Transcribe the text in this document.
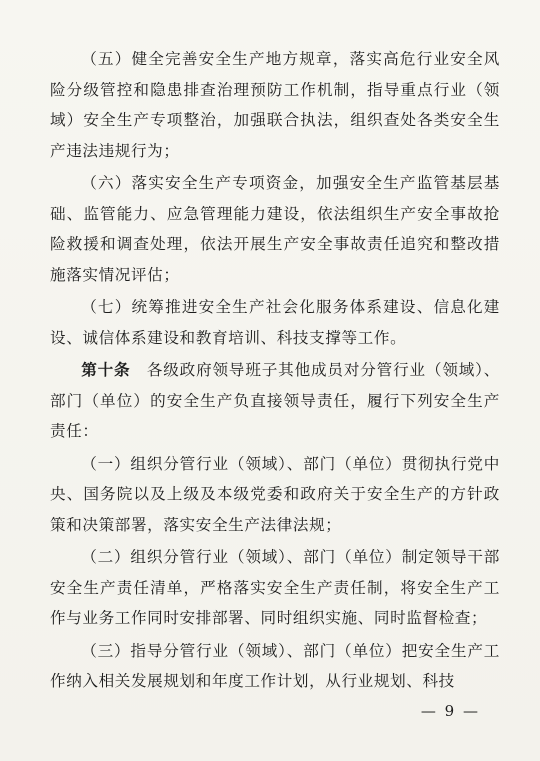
（五）健全完善安全生产地方规章，落实高危行业安全风险分级管控和隐患排查治理预防工作机制，指导重点行业（领域）安全生产专项整治，加强联合执法，组织查处各类安全生产违法违规行为；

（六）落实安全生产专项资金，加强安全生产监管基层基础、监管能力、应急管理能力建设，依法组织生产安全事故抢险救援和调查处理，依法开展生产安全事故责任追究和整改措施落实情况评估；

（七）统筹推进安全生产社会化服务体系建设、信息化建设、诚信体系建设和教育培训、科技支撑等工作。

第十条　各级政府领导班子其他成员对分管行业（领域）、部门（单位）的安全生产负直接领导责任，履行下列安全生产责任：

（一）组织分管行业（领域）、部门（单位）贯彻执行党中央、国务院以及上级及本级党委和政府关于安全生产的方针政策和决策部署，落实安全生产法律法规；

（二）组织分管行业（领域）、部门（单位）制定领导干部安全生产责任清单，严格落实安全生产责任制，将安全生产工作与业务工作同时安排部署、同时组织实施、同时监督检查；

（三）指导分管行业（领域）、部门（单位）把安全生产工作纳入相关发展规划和年度工作计划，从行业规划、科技

— 9 —
